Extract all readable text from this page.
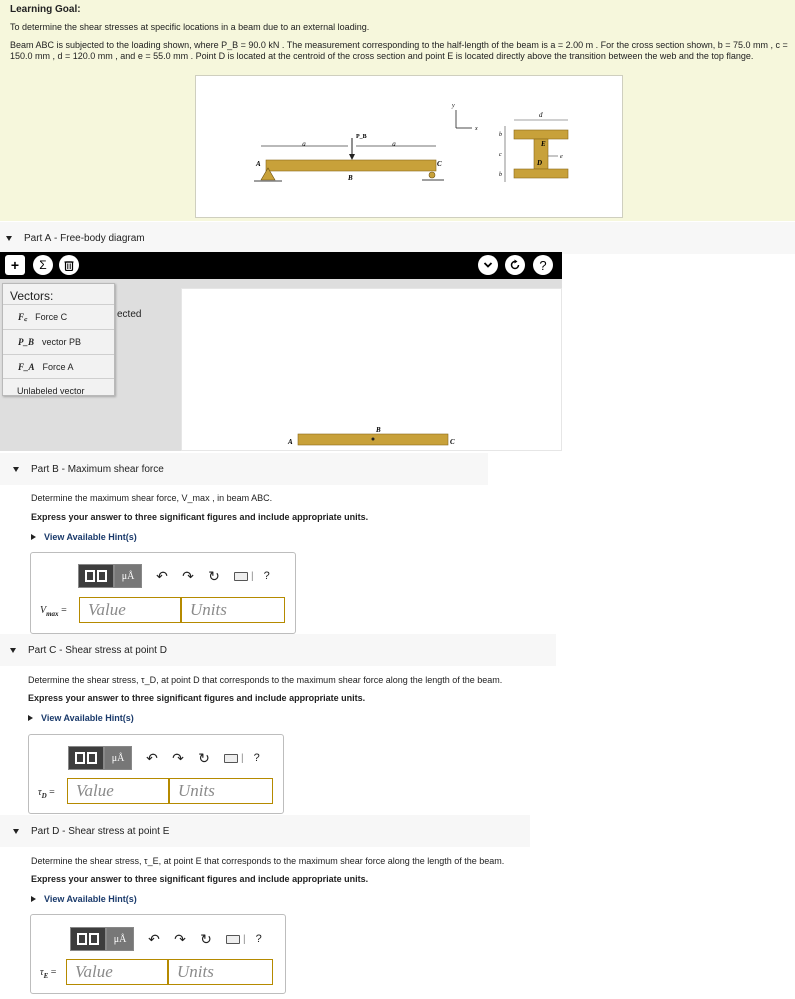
Learning Goal:
To determine the shear stresses at specific locations in a beam due to an external loading.
Beam ABC is subjected to the loading shown, where P_B = 90.0 kN . The measurement corresponding to the half-length of the beam is a = 2.00 m . For the cross section shown, b = 75.0 mm , c = 150.0 mm , d = 120.0 mm , and e = 55.0 mm . Point D is located at the centroid of the cross section and point E is located directly above the transition between the web and the top flange.
a	a
P_B
A
B
C
y
x
d
b
c
b
e
E
D
Part A - Free-body diagram
+ Σ	?
ected
A
B
C
Vectors:
F꜀ Force C
P_B vector PB
F_A Force A
Unlabeled vector
Part B - Maximum shear force
Determine the maximum shear force, V_max , in beam ABC.
Express your answer to three significant figures and include appropriate units.
View Available Hint(s)
μÅ	↶ ↷ ↻	| ?
$V_{max}$ =	Value	Units
Part C - Shear stress at point D
Determine the shear stress, τ_D, at point D that corresponds to the maximum shear force along the length of the beam.
Express your answer to three significant figures and include appropriate units.
View Available Hint(s)
μÅ	↶ ↷ ↻	| ?
$\tau_D$ =	Value	Units
Part D - Shear stress at point E
Determine the shear stress, τ_E, at point E that corresponds to the maximum shear force along the length of the beam.
Express your answer to three significant figures and include appropriate units.
View Available Hint(s)
μÅ	↶ ↷ ↻	| ?
$\tau_E$ =	Value	Units
